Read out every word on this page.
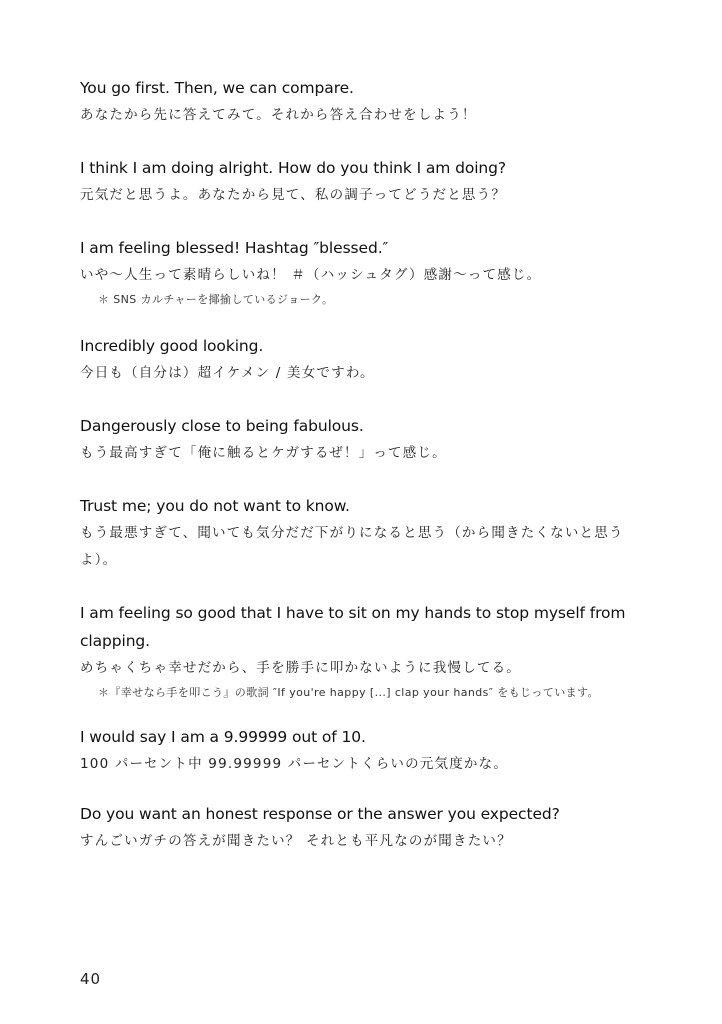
You go first. Then, we can compare.
あなたから先に答えてみて。それから答え合わせをしよう！
I think I am doing alright. How do you think I am doing?
元気だと思うよ。あなたから見て、私の調子ってどうだと思う？
I am feeling blessed! Hashtag ″blessed.″
いや〜人生って素晴らしいね！ ＃（ハッシュタグ）感謝〜って感じ。
＊ SNS カルチャーを揶揄しているジョーク。
Incredibly good looking.
今日も（自分は）超イケメン / 美女ですわ。
Dangerously close to being fabulous.
もう最高すぎて「俺に触るとケガするぜ！」って感じ。
Trust me; you do not want to know.
もう最悪すぎて、聞いても気分だだ下がりになると思う（から聞きたくないと思うよ）。
I am feeling so good that I have to sit on my hands to stop myself from clapping.
めちゃくちゃ幸せだから、手を勝手に叩かないように我慢してる。
＊『幸せなら手を叩こう』の歌詞 ″If you're happy [...] clap your hands″ をもじっています。
I would say I am a 9.99999 out of 10.
100 パーセント中 99.99999 パーセントくらいの元気度かな。
Do you want an honest response or the answer you expected?
すんごいガチの答えが聞きたい？ それとも平凡なのが聞きたい？
40
